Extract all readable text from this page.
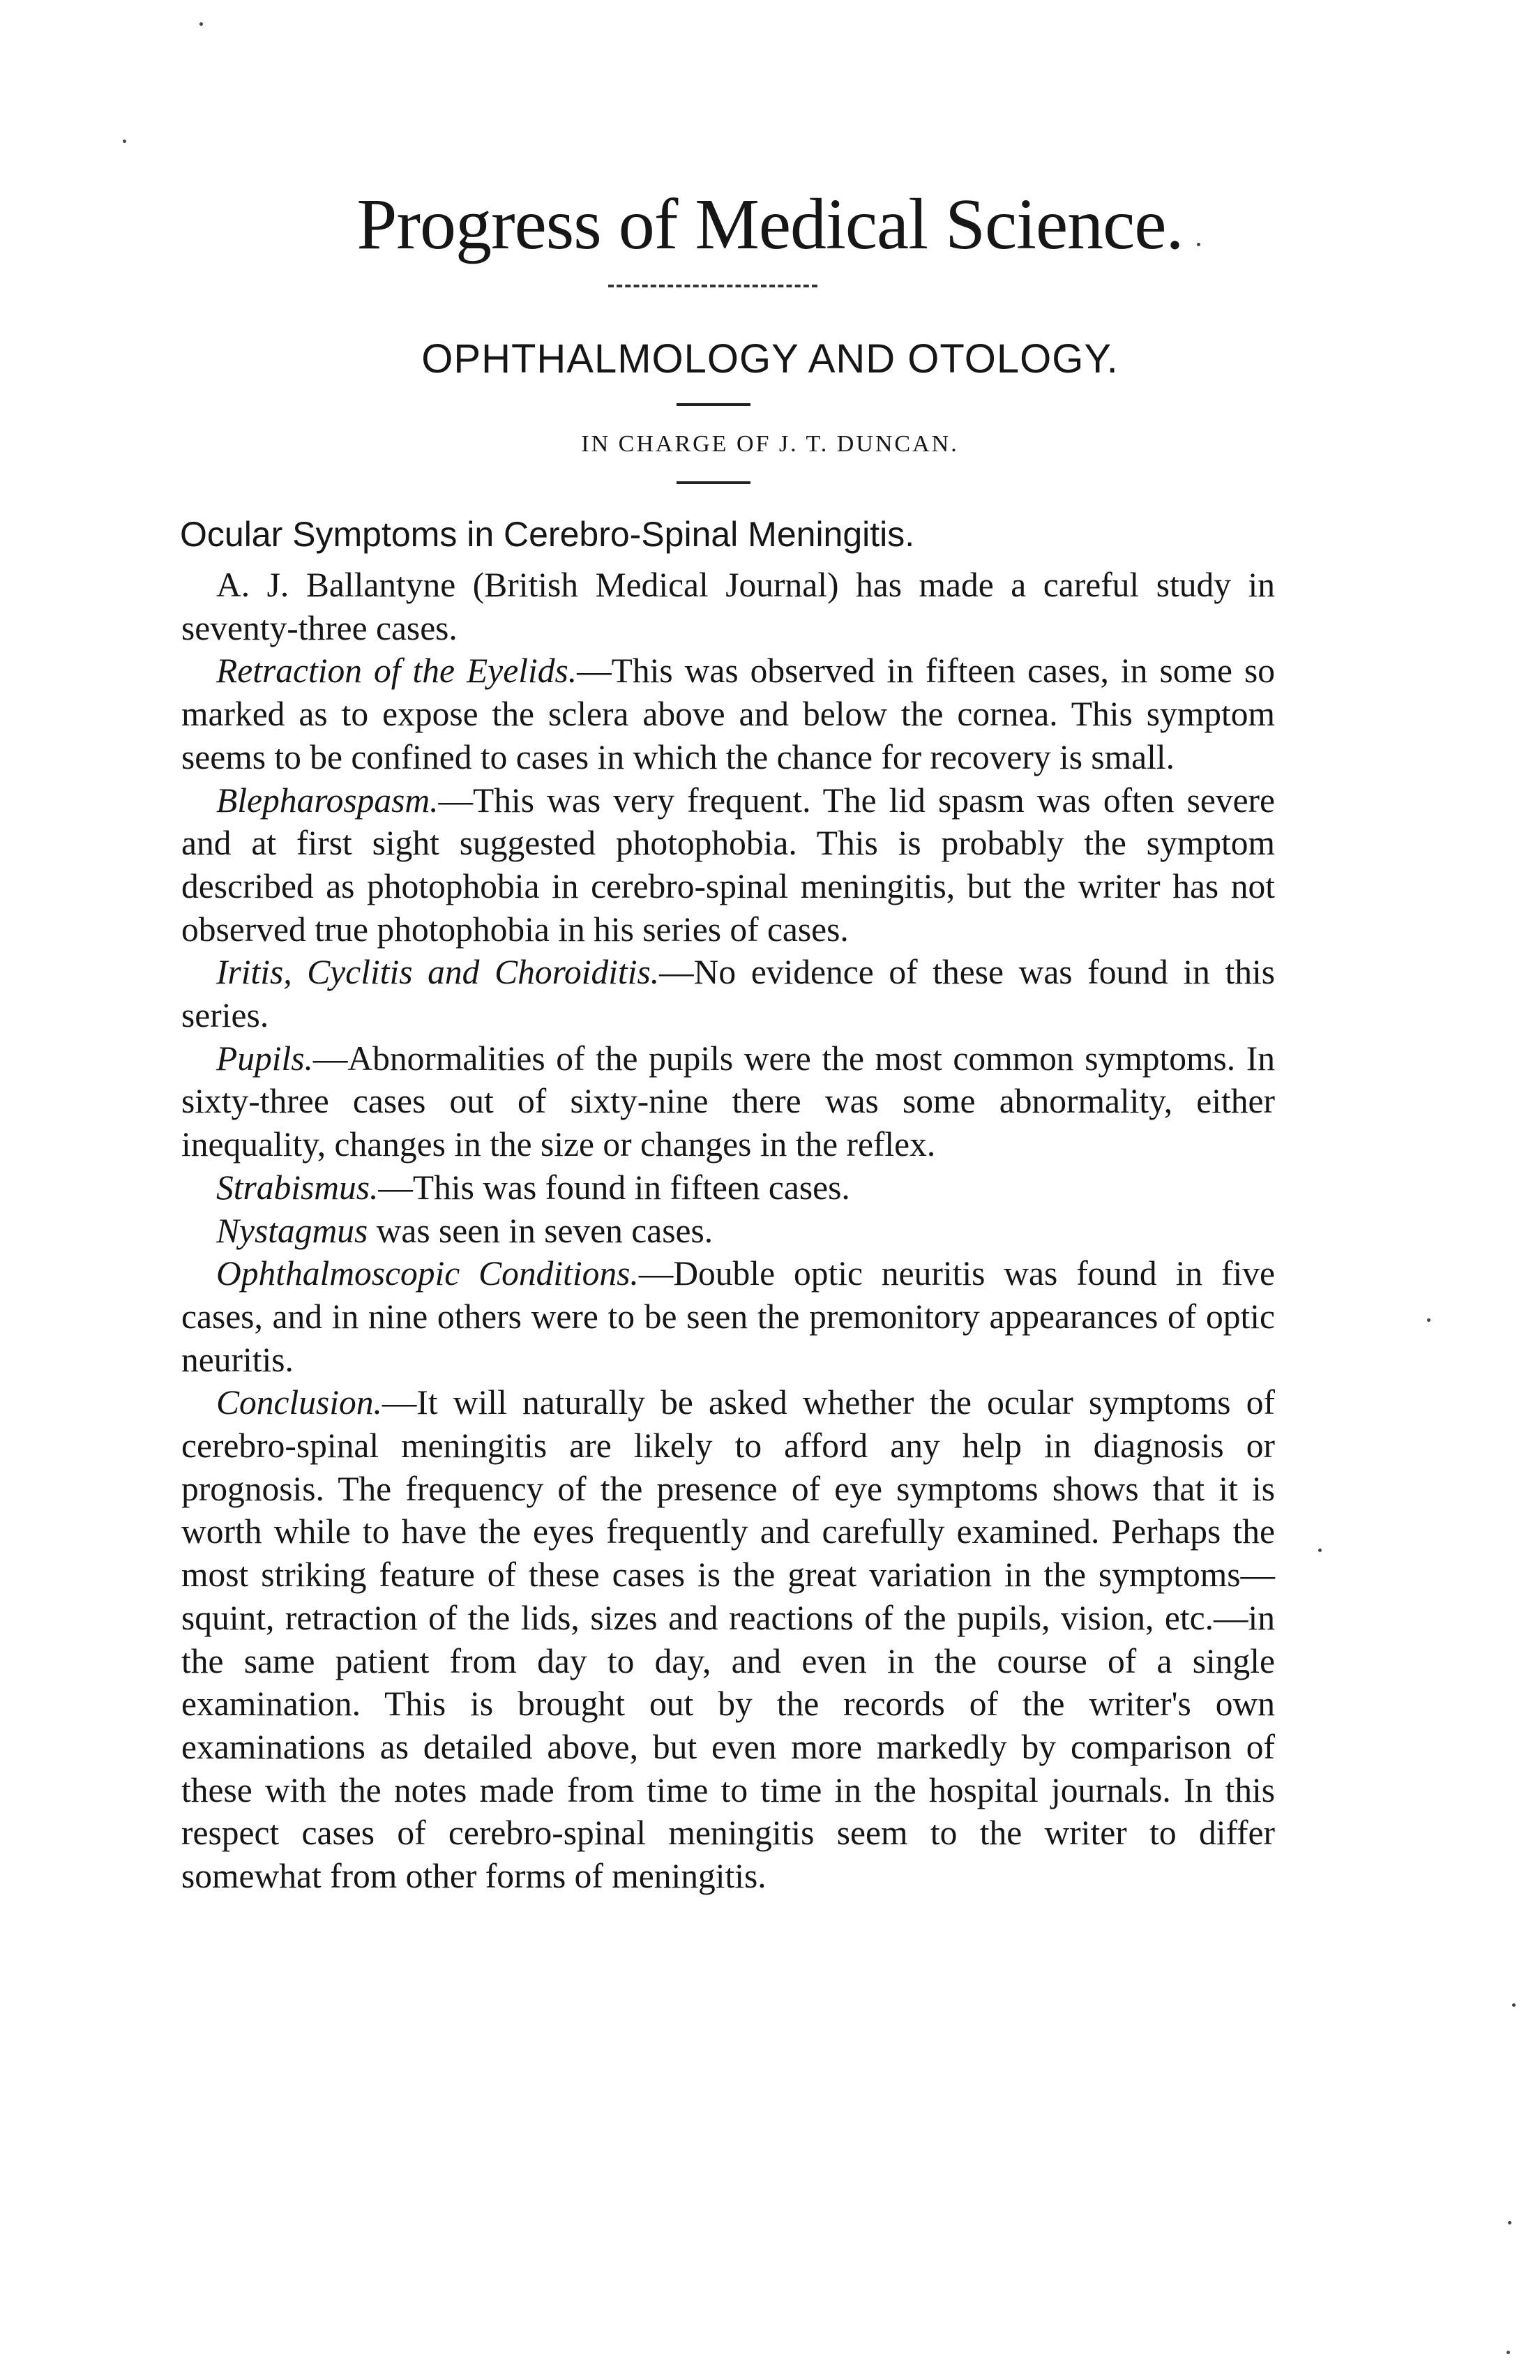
Progress of Medical Science.
OPHTHALMOLOGY AND OTOLOGY.
IN CHARGE OF J. T. DUNCAN.
Ocular Symptoms in Cerebro-Spinal Meningitis.

A. J. Ballantyne (British Medical Journal) has made a careful study in seventy-three cases.

Retraction of the Eyelids.—This was observed in fifteen cases, in some so marked as to expose the sclera above and below the cornea. This symptom seems to be confined to cases in which the chance for recovery is small.

Blepharospasm.—This was very frequent. The lid spasm was often severe and at first sight suggested photophobia. This is probably the symptom described as photophobia in cerebro-spinal meningitis, but the writer has not observed true photophobia in his series of cases.

Iritis, Cyclitis and Choroiditis.—No evidence of these was found in this series.

Pupils.—Abnormalities of the pupils were the most common symptoms. In sixty-three cases out of sixty-nine there was some abnormality, either inequality, changes in the size or changes in the reflex.

Strabismus.—This was found in fifteen cases.

Nystagmus was seen in seven cases.

Ophthalmoscopic Conditions.—Double optic neuritis was found in five cases, and in nine others were to be seen the premonitory appearances of optic neuritis.

Conclusion.—It will naturally be asked whether the ocular symptoms of cerebro-spinal meningitis are likely to afford any help in diagnosis or prognosis. The frequency of the presence of eye symptoms shows that it is worth while to have the eyes frequently and carefully examined. Perhaps the most striking feature of these cases is the great variation in the symptoms—squint, retraction of the lids, sizes and reactions of the pupils, vision, etc.—in the same patient from day to day, and even in the course of a single examination. This is brought out by the records of the writer's own examinations as detailed above, but even more markedly by comparison of these with the notes made from time to time in the hospital journals. In this respect cases of cerebro-spinal meningitis seem to the writer to differ somewhat from other forms of meningitis.
